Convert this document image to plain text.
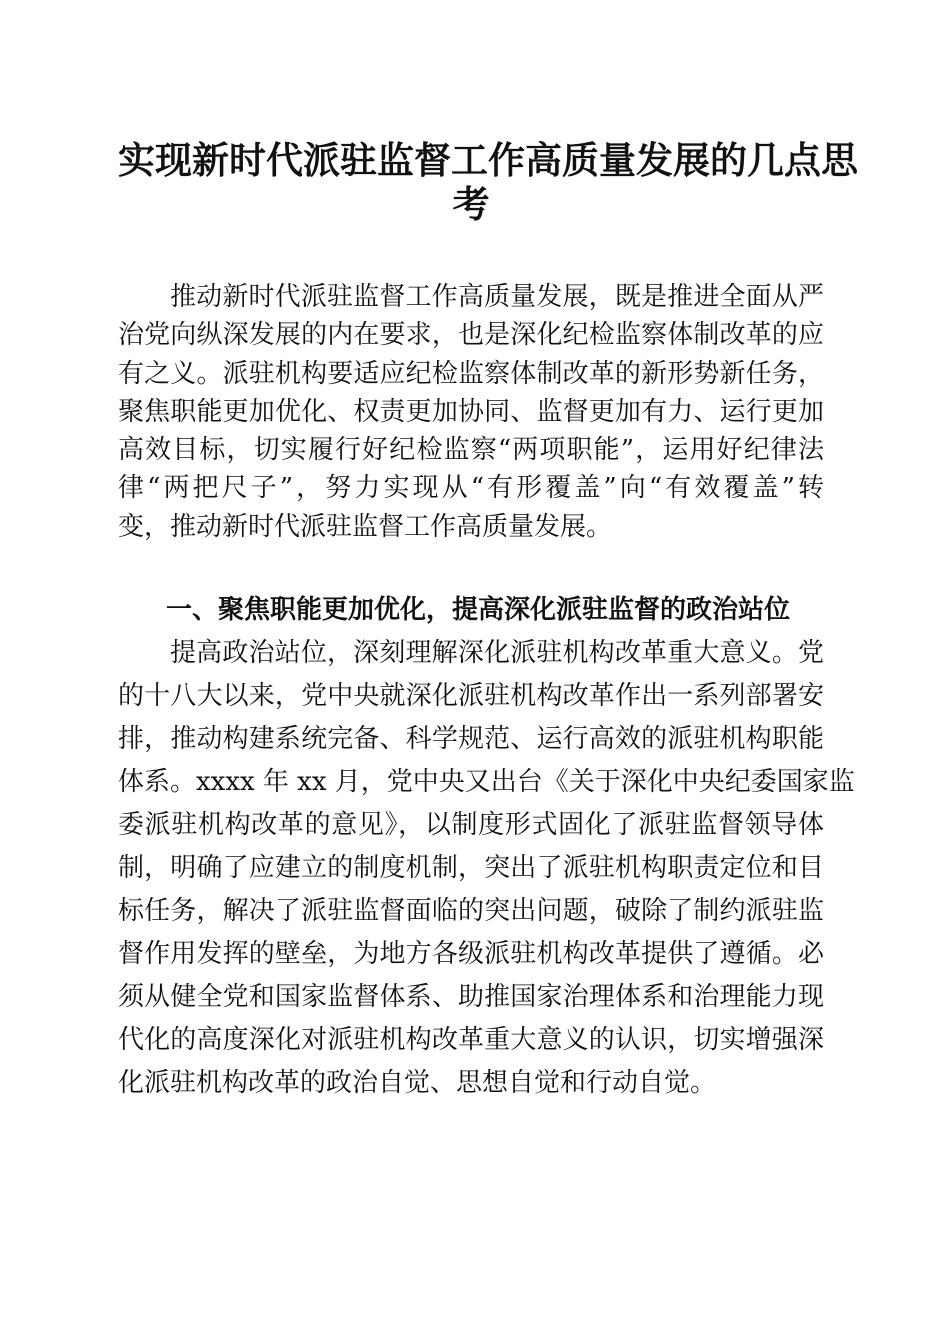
实现新时代派驻监督工作高质量发展的几点思
考
推动新时代派驻监督工作高质量发展，既是推进全面从严
治党向纵深发展的内在要求，也是深化纪检监察体制改革的应
有之义。派驻机构要适应纪检监察体制改革的新形势新任务，
聚焦职能更加优化、权责更加协同、监督更加有力、运行更加
高效目标，切实履行好纪检监察“两项职能”，运用好纪律法
律“两把尺子”，努力实现从“有形覆盖”向“有效覆盖”转
变，推动新时代派驻监督工作高质量发展。
一、聚焦职能更加优化，提高深化派驻监督的政治站位
提高政治站位，深刻理解深化派驻机构改革重大意义。党
的十八大以来，党中央就深化派驻机构改革作出一系列部署安
排，推动构建系统完备、科学规范、运行高效的派驻机构职能
体系。xxxx 年 xx 月，党中央又出台《关于深化中央纪委国家监
委派驻机构改革的意见》，以制度形式固化了派驻监督领导体
制，明确了应建立的制度机制，突出了派驻机构职责定位和目
标任务，解决了派驻监督面临的突出问题，破除了制约派驻监
督作用发挥的壁垒，为地方各级派驻机构改革提供了遵循。必
须从健全党和国家监督体系、助推国家治理体系和治理能力现
代化的高度深化对派驻机构改革重大意义的认识，切实增强深
化派驻机构改革的政治自觉、思想自觉和行动自觉。
